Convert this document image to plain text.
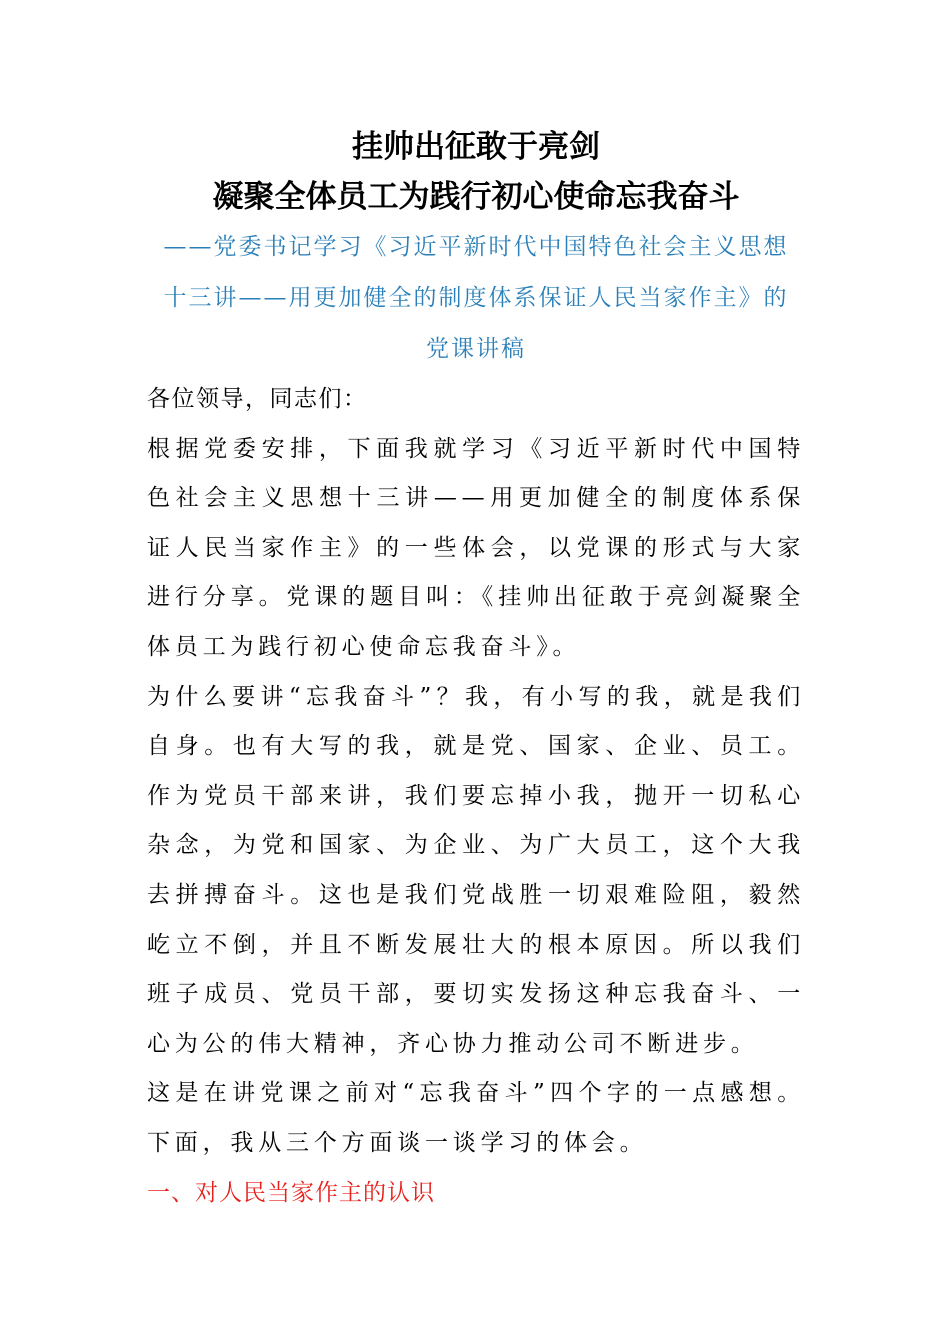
挂帅出征敢于亮剑
凝聚全体员工为践行初心使命忘我奋斗

——党委书记学习《习近平新时代中国特色社会主义思想

十三讲——用更加健全的制度体系保证人民当家作主》的

党课讲稿

各位领导，同志们：

根据党委安排，下面我就学习《习近平新时代中国特色社会主义思想十三讲——用更加健全的制度体系保证人民当家作主》的一些体会，以党课的形式与大家进行分享。党课的题目叫：《挂帅出征敢于亮剑凝聚全体员工为践行初心使命忘我奋斗》。

为什么要讲“忘我奋斗”？我，有小写的我，就是我们自身。也有大写的我，就是党、国家、企业、员工。作为党员干部来讲，我们要忘掉小我，抛开一切私心杂念，为党和国家、为企业、为广大员工，这个大我去拼搏奋斗。这也是我们党战胜一切艰难险阻，毅然屹立不倒，并且不断发展壮大的根本原因。所以我们班子成员、党员干部，要切实发扬这种忘我奋斗、一心为公的伟大精神，齐心协力推动公司不断进步。

这是在讲党课之前对“忘我奋斗”四个字的一点感想。下面，我从三个方面谈一谈学习的体会。

一、对人民当家作主的认识
